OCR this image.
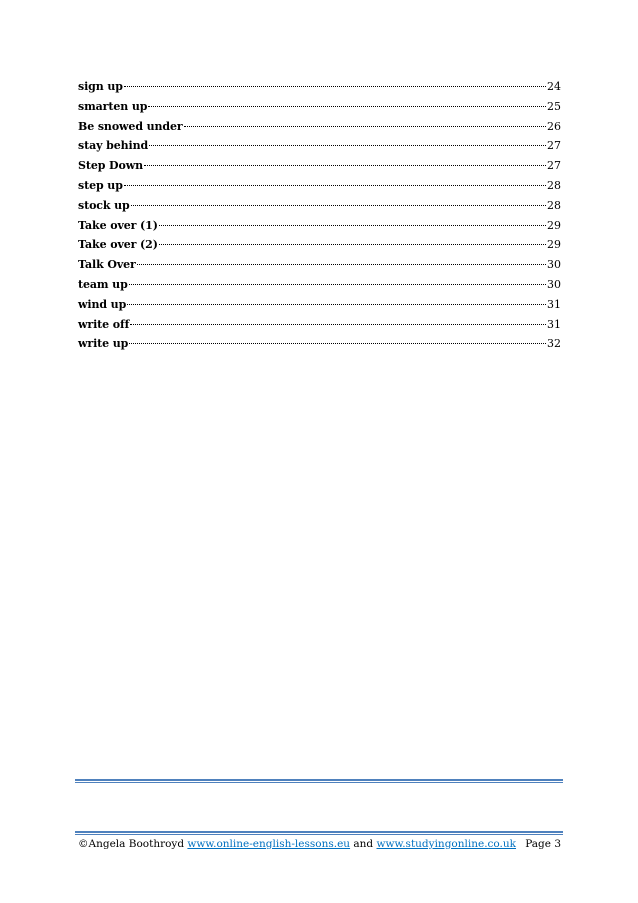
sign up	24
smarten up	25
Be snowed under	26
stay behind	27
Step Down	27
step up	28
stock up	28
Take over (1)	29
Take over (2)	29
Talk Over	30
team up	30
wind up	31
write off	31
write up	32
©Angela Boothroyd www.online-english-lessons.eu and www.studyingonline.co.uk Page 3
